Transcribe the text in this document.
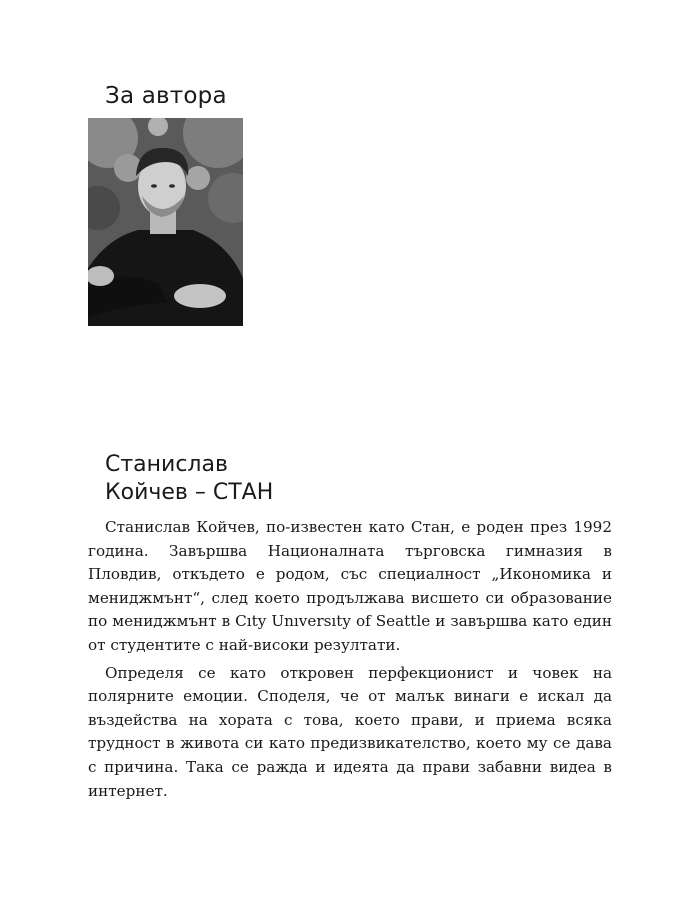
За автора
Станислав
Койчев – СТАН

Станислав Койчев, по-известен като Стан, е роден през 1992 година. Завършва Националната търговска гимназия в Пловдив, откъдето е родом, със специалност „Икономика и мениджмънт“, след което продължава висшето си образование по мениджмънт в Cıty Unıversıty of Seattle и завършва като един от студентите с най-високи резултати.

Определя се като откровен перфекционист и човек на полярните емоции. Споделя, че от малък винаги е искал да въздейства на хората с това, което прави, и приема всяка трудност в живота си като предизвикателство, което му се дава с причина. Така се ражда и идеята да прави забавни видеа в интернет.
